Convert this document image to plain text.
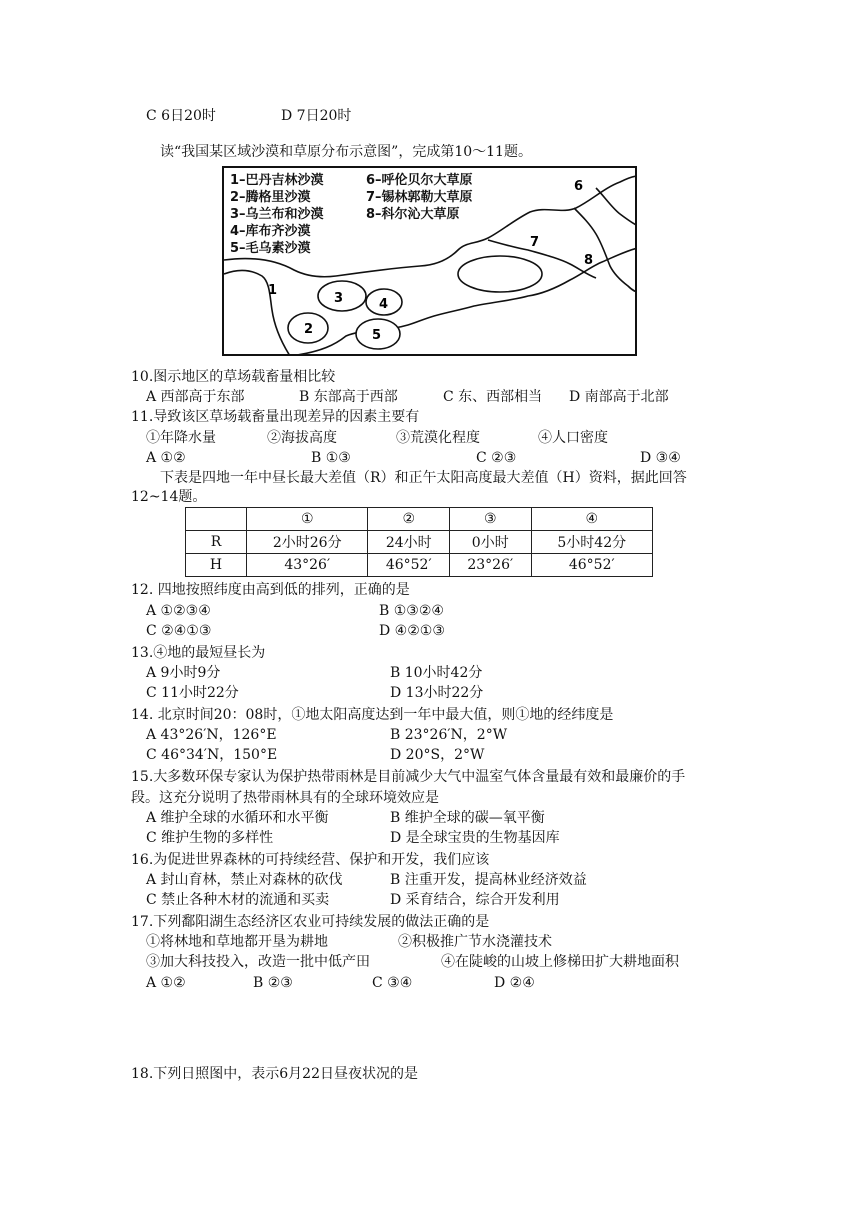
C 6日20时	D 7日20时
读“我国某区域沙漠和草原分布示意图”，完成第10～11题。
1
2
3	4
5
6
7
8
1–巴丹吉林沙漠
2–腾格里沙漠
3–乌兰布和沙漠
4–库布齐沙漠
5–毛乌素沙漠
6–呼伦贝尔大草原
7–锡林郭勒大草原
8–科尔沁大草原
10.图示地区的草场载畜量相比较
A 西部高于东部	B 东部高于西部	C 东、西部相当 D 南部高于北部
11.导致该区草场载畜量出现差异的因素主要有
①年降水量	②海拔高度	③荒漠化程度	④人口密度
A ①②	B ①③	C ②③	D ③④
下表是四地一年中昼长最大差值（R）和正午太阳高度最大差值（H）资料，据此回答
12~14题。
	①	②	③	④
R	2小时26分	24小时	0小时	5小时42分
H	43°26′	46°52′	23°26′	46°52′
12. 四地按照纬度由高到低的排列，正确的是
A ①②③④	B ①③②④
C ②④①③	D ④②①③
13.④地的最短昼长为
A 9小时9分	B 10小时42分
C 11小时22分	D 13小时22分
14. 北京时间20：08时，①地太阳高度达到一年中最大值，则①地的经纬度是
A 43°26′N，126°E	B 23°26′N，2°W
C 46°34′N，150°E	D 20°S，2°W
15.大多数环保专家认为保护热带雨林是目前减少大气中温室气体含量最有效和最廉价的手
段。这充分说明了热带雨林具有的全球环境效应是
A 维护全球的水循环和水平衡	B 维护全球的碳—氧平衡
C 维护生物的多样性	D 是全球宝贵的生物基因库
16.为促进世界森林的可持续经营、保护和开发，我们应该
A 封山育林，禁止对森林的砍伐	B 注重开发，提高林业经济效益
C 禁止各种木材的流通和买卖	D 采育结合，综合开发利用
17.下列鄱阳湖生态经济区农业可持续发展的做法正确的是
①将林地和草地都开垦为耕地	②积极推广节水浇灌技术
③加大科技投入，改造一批中低产田	④在陡峻的山坡上修梯田扩大耕地面积
A ①②	B ②③	C ③④	D ②④
18.下列日照图中，表示6月22日昼夜状况的是
